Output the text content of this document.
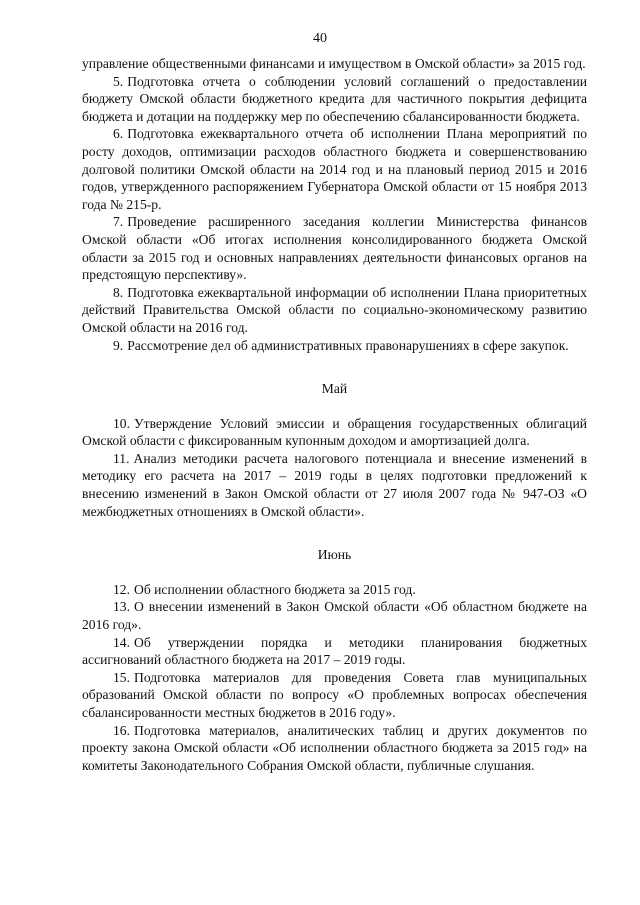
40

управление общественными финансами и имуществом в Омской области» за 2015 год.

5. Подготовка отчета о соблюдении условий соглашений о предоставлении бюджету Омской области бюджетного кредита для частичного покрытия дефицита бюджета и дотации на поддержку мер по обеспечению сбалансированности бюджета.

6. Подготовка ежеквартального отчета об исполнении Плана мероприятий по росту доходов, оптимизации расходов областного бюджета и совершенствованию долговой политики Омской области на 2014 год и на плановый период 2015 и 2016 годов, утвержденного распоряжением Губернатора Омской области от 15 ноября 2013 года № 215-р.

7. Проведение расширенного заседания коллегии Министерства финансов Омской области «Об итогах исполнения консолидированного бюджета Омской области за 2015 год и основных направлениях деятельности финансовых органов на предстоящую перспективу».

8. Подготовка ежеквартальной информации об исполнении Плана приоритетных действий Правительства Омской области по социально-экономическому развитию Омской области на 2016 год.

9. Рассмотрение дел об административных правонарушениях в сфере закупок.

Май

10. Утверждение Условий эмиссии и обращения государственных облигаций Омской области с фиксированным купонным доходом и амортизацией долга.

11. Анализ методики расчета налогового потенциала и внесение изменений в методику его расчета на 2017 – 2019 годы в целях подготовки предложений к внесению изменений в Закон Омской области от 27 июля 2007 года № 947-ОЗ «О межбюджетных отношениях в Омской области».

Июнь

12. Об исполнении областного бюджета за 2015 год.

13. О внесении изменений в Закон Омской области «Об областном бюджете на 2016 год».

14. Об утверждении порядка и методики планирования бюджетных ассигнований областного бюджета на 2017 – 2019 годы.

15. Подготовка материалов для проведения Совета глав муниципальных образований Омской области по вопросу «О проблемных вопросах обеспечения сбалансированности местных бюджетов в 2016 году».

16. Подготовка материалов, аналитических таблиц и других документов по проекту закона Омской области «Об исполнении областного бюджета за 2015 год» на комитеты Законодательного Собрания Омской области, публичные слушания.
